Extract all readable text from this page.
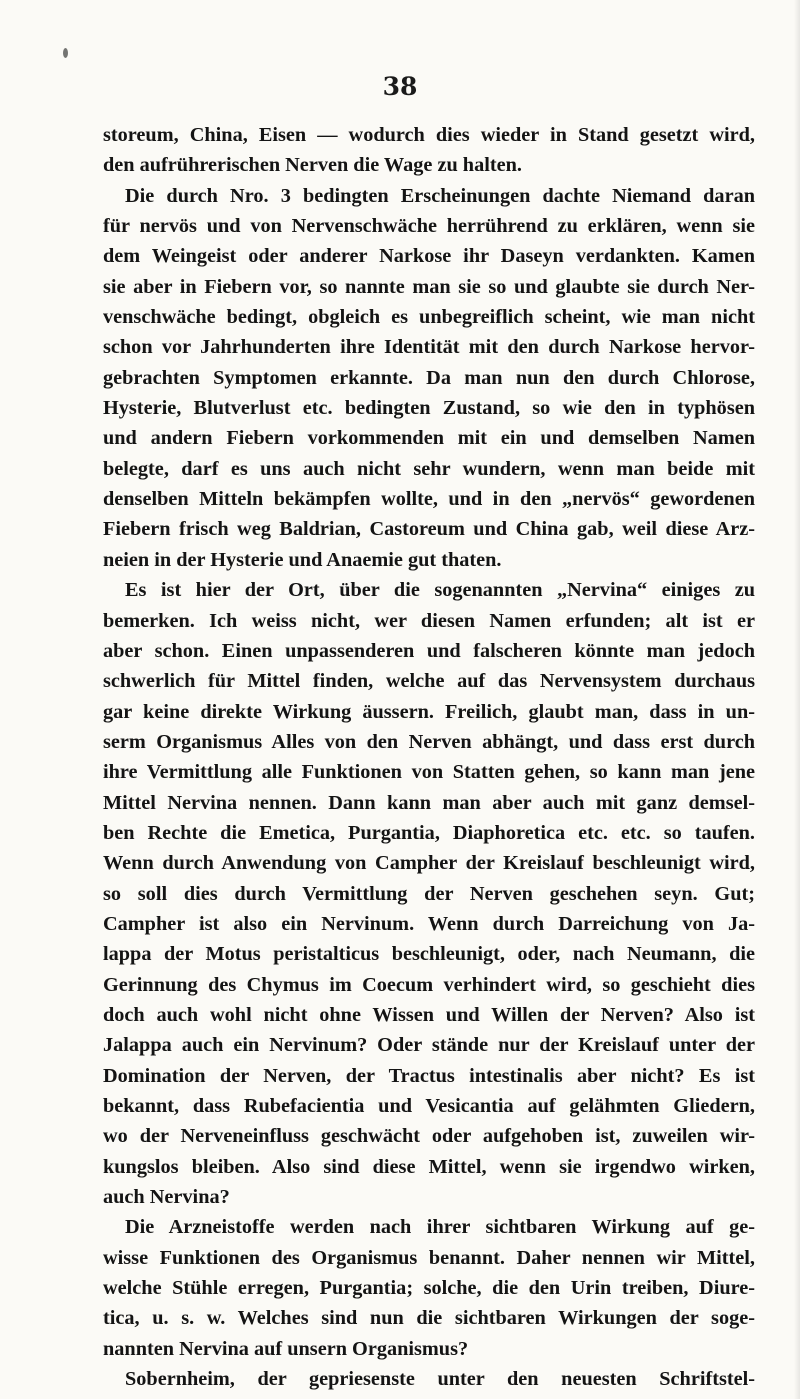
38
storeum, China, Eisen — wodurch dies wieder in Stand gesetzt wird,
den aufrührerischen Nerven die Wage zu halten.
Die durch Nro. 3 bedingten Erscheinungen dachte Niemand daran
für nervös und von Nervenschwäche herrührend zu erklären, wenn sie
dem Weingeist oder anderer Narkose ihr Daseyn verdankten. Kamen
sie aber in Fiebern vor, so nannte man sie so und glaubte sie durch Ner-
venschwäche bedingt, obgleich es unbegreiflich scheint, wie man nicht
schon vor Jahrhunderten ihre Identität mit den durch Narkose hervor-
gebrachten Symptomen erkannte. Da man nun den durch Chlorose,
Hysterie, Blutverlust etc. bedingten Zustand, so wie den in typhösen
und andern Fiebern vorkommenden mit ein und demselben Namen
belegte, darf es uns auch nicht sehr wundern, wenn man beide mit
denselben Mitteln bekämpfen wollte, und in den „nervös“ gewordenen
Fiebern frisch weg Baldrian, Castoreum und China gab, weil diese Arz-
neien in der Hysterie und Anaemie gut thaten.
Es ist hier der Ort, über die sogenannten „Nervina“ einiges zu
bemerken. Ich weiss nicht, wer diesen Namen erfunden; alt ist er
aber schon. Einen unpassenderen und falscheren könnte man jedoch
schwerlich für Mittel finden, welche auf das Nervensystem durchaus
gar keine direkte Wirkung äussern. Freilich, glaubt man, dass in un-
serm Organismus Alles von den Nerven abhängt, und dass erst durch
ihre Vermittlung alle Funktionen von Statten gehen, so kann man jene
Mittel Nervina nennen. Dann kann man aber auch mit ganz demsel-
ben Rechte die Emetica, Purgantia, Diaphoretica etc. etc. so taufen.
Wenn durch Anwendung von Campher der Kreislauf beschleunigt wird,
so soll dies durch Vermittlung der Nerven geschehen seyn. Gut;
Campher ist also ein Nervinum. Wenn durch Darreichung von Ja-
lappa der Motus peristalticus beschleunigt, oder, nach Neumann, die
Gerinnung des Chymus im Coecum verhindert wird, so geschieht dies
doch auch wohl nicht ohne Wissen und Willen der Nerven? Also ist
Jalappa auch ein Nervinum? Oder stände nur der Kreislauf unter der
Domination der Nerven, der Tractus intestinalis aber nicht? Es ist
bekannt, dass Rubefacientia und Vesicantia auf gelähmten Gliedern,
wo der Nerveneinfluss geschwächt oder aufgehoben ist, zuweilen wir-
kungslos bleiben. Also sind diese Mittel, wenn sie irgendwo wirken,
auch Nervina?
Die Arzneistoffe werden nach ihrer sichtbaren Wirkung auf ge-
wisse Funktionen des Organismus benannt. Daher nennen wir Mittel,
welche Stühle erregen, Purgantia; solche, die den Urin treiben, Diure-
tica, u. s. w. Welches sind nun die sichtbaren Wirkungen der soge-
nannten Nervina auf unsern Organismus?
Sobernheim, der gepriesenste unter den neuesten Schriftstel-
